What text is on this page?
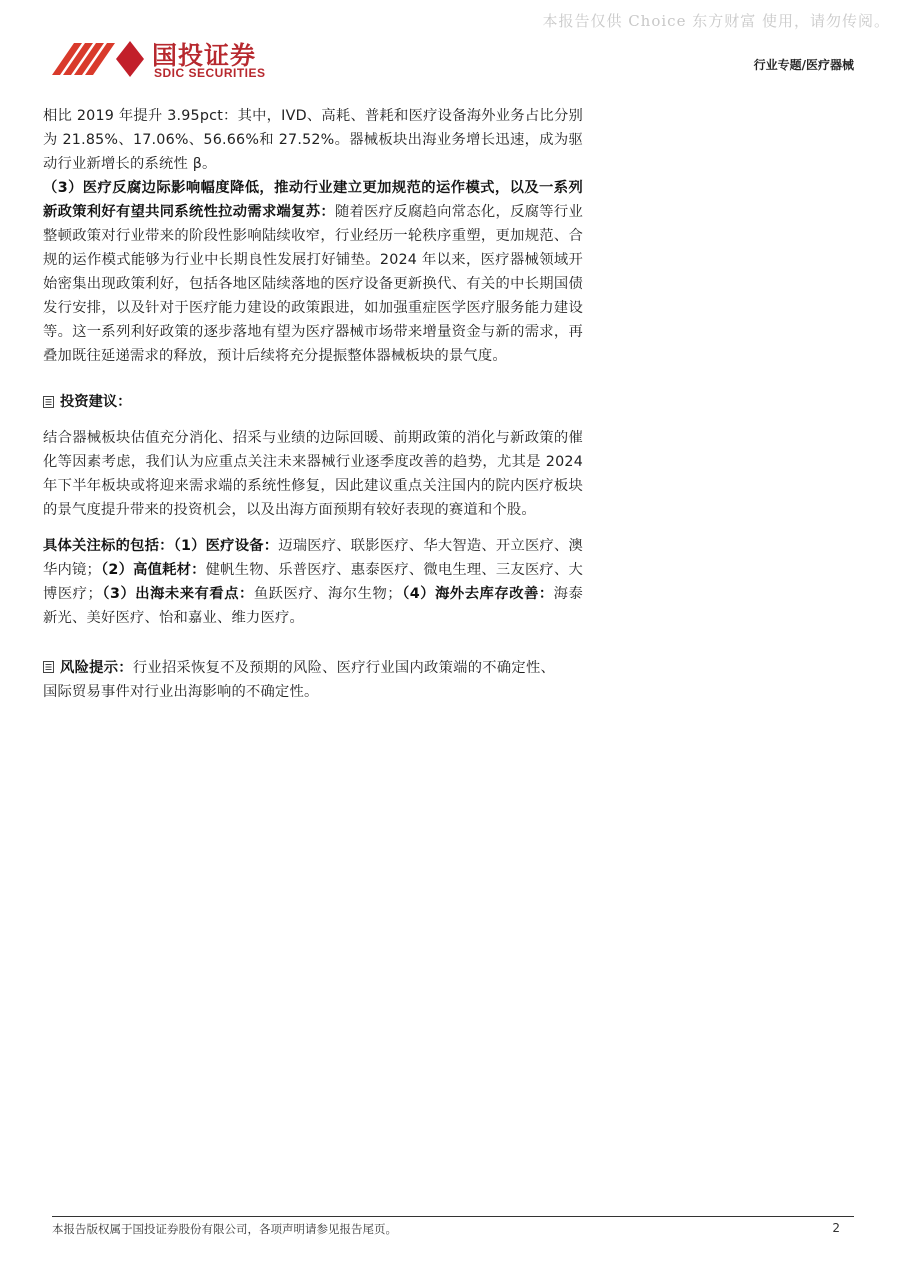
本报告仅供 Choice 东方财富 使用，请勿传阅。
国投证券
SDIC SECURITIES
行业专题/医疗器械

相比 2019 年提升 3.95pct：其中，IVD、高耗、普耗和医疗设备海外业务占比分别为 21.85%、17.06%、56.66%和 27.52%。器械板块出海业务增长迅速，成为驱动行业新增长的系统性 β。

（3）医疗反腐边际影响幅度降低，推动行业建立更加规范的运作模式，以及一系列新政策利好有望共同系统性拉动需求端复苏：随着医疗反腐趋向常态化，反腐等行业整顿政策对行业带来的阶段性影响陆续收窄，行业经历一轮秩序重塑，更加规范、合规的运作模式能够为行业中长期良性发展打好铺垫。2024 年以来，医疗器械领域开始密集出现政策利好，包括各地区陆续落地的医疗设备更新换代、有关的中长期国债发行安排，以及针对于医疗能力建设的政策跟进，如加强重症医学医疗服务能力建设等。这一系列利好政策的逐步落地有望为医疗器械市场带来增量资金与新的需求，再叠加既往延递需求的释放，预计后续将充分提振整体器械板块的景气度。

投资建议：

结合器械板块估值充分消化、招采与业绩的边际回暖、前期政策的消化与新政策的催化等因素考虑，我们认为应重点关注未来器械行业逐季度改善的趋势，尤其是 2024 年下半年板块或将迎来需求端的系统性修复，因此建议重点关注国内的院内医疗板块的景气度提升带来的投资机会，以及出海方面预期有较好表现的赛道和个股。

具体关注标的包括：（1）医疗设备：迈瑞医疗、联影医疗、华大智造、开立医疗、澳华内镜；（2）高值耗材：健帆生物、乐普医疗、惠泰医疗、微电生理、三友医疗、大博医疗；（3）出海未来有看点：鱼跃医疗、海尔生物；（4）海外去库存改善：海泰新光、美好医疗、怡和嘉业、维力医疗。

风险提示：行业招采恢复不及预期的风险、医疗行业国内政策端的不确定性、国际贸易事件对行业出海影响的不确定性。

本报告版权属于国投证券股份有限公司，各项声明请参见报告尾页。	2
